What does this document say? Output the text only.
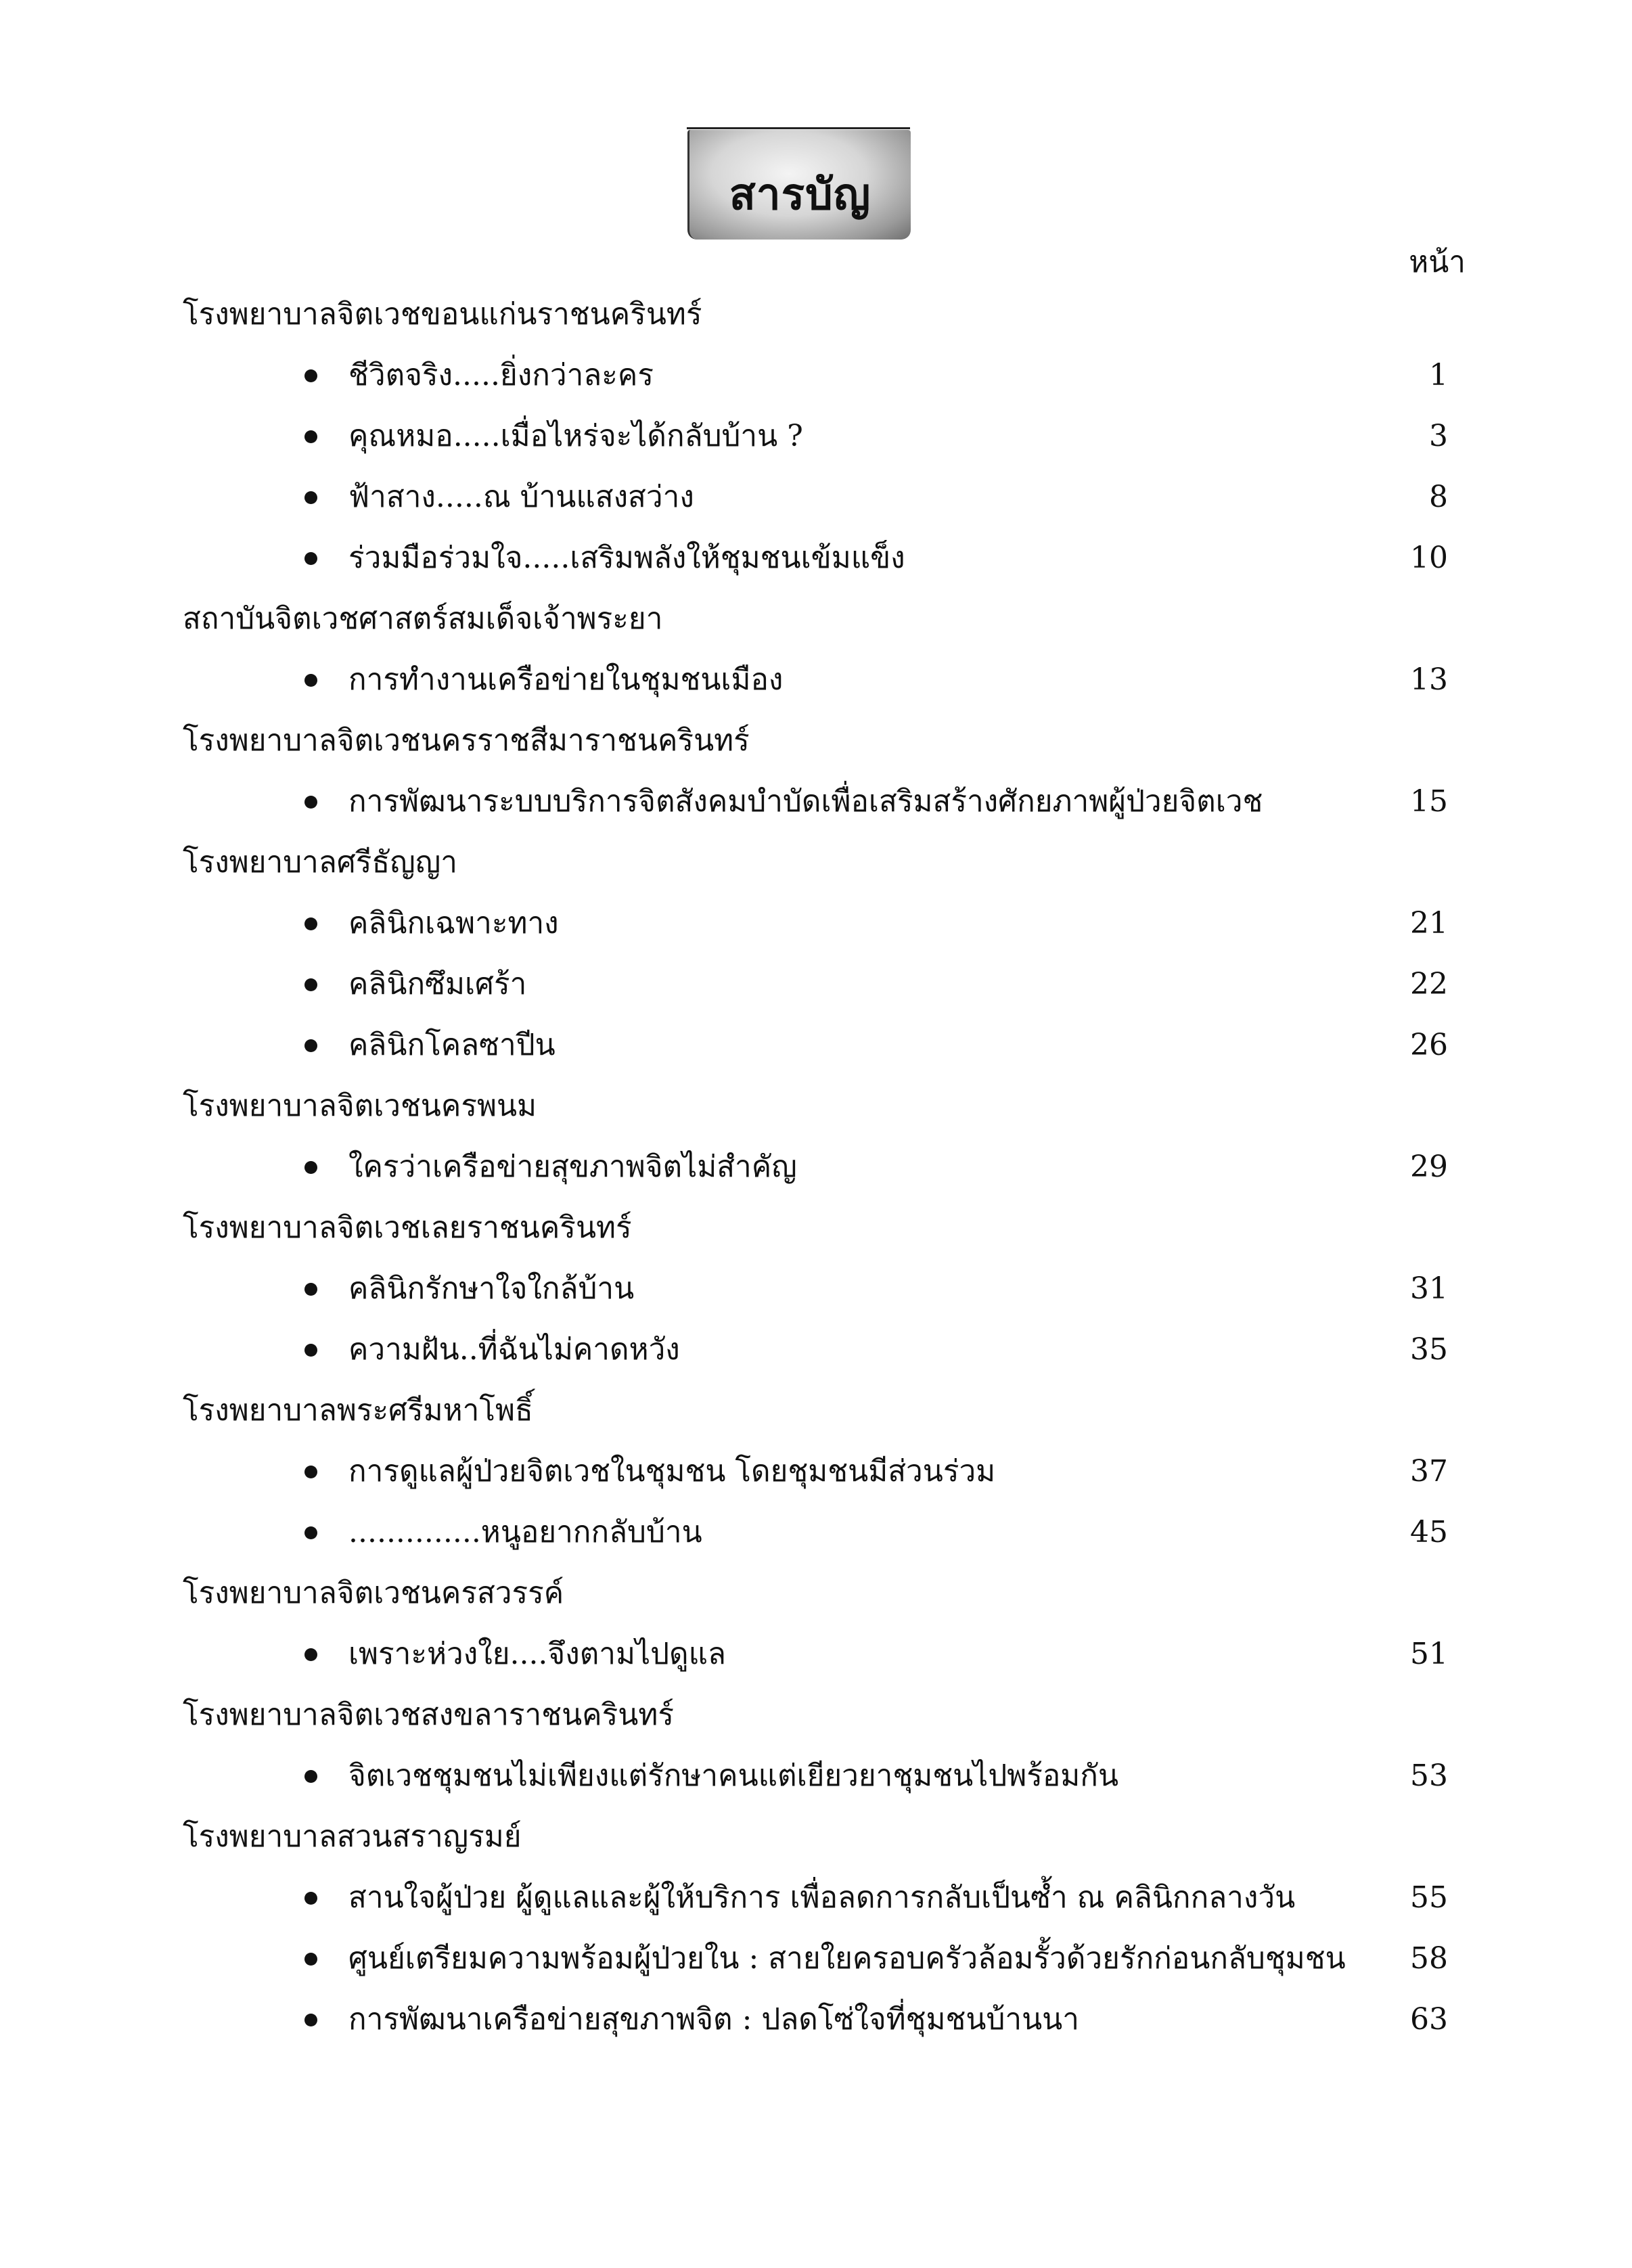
สารบัญ
หน้า
โรงพยาบาลจิตเวชขอนแก่นราชนครินทร์
ชีวิตจริง.....ยิ่งกว่าละคร	1
คุณหมอ.....เมื่อไหร่จะได้กลับบ้าน ?	3
ฟ้าสาง.....ณ บ้านแสงสว่าง	8
ร่วมมือร่วมใจ.....เสริมพลังให้ชุมชนเข้มแข็ง	10
สถาบันจิตเวชศาสตร์สมเด็จเจ้าพระยา
การทำงานเครือข่ายในชุมชนเมือง	13
โรงพยาบาลจิตเวชนครราชสีมาราชนครินทร์
การพัฒนาระบบบริการจิตสังคมบำบัดเพื่อเสริมสร้างศักยภาพผู้ป่วยจิตเวช	15
โรงพยาบาลศรีธัญญา
คลินิกเฉพาะทาง	21
คลินิกซึมเศร้า	22
คลินิกโคลซาปีน	26
โรงพยาบาลจิตเวชนครพนม
ใครว่าเครือข่ายสุขภาพจิตไม่สำคัญ	29
โรงพยาบาลจิตเวชเลยราชนครินทร์
คลินิกรักษาใจใกล้บ้าน	31
ความฝัน..ที่ฉันไม่คาดหวัง	35
โรงพยาบาลพระศรีมหาโพธิ์
การดูแลผู้ป่วยจิตเวชในชุมชน โดยชุมชนมีส่วนร่วม	37
..............หนูอยากกลับบ้าน	45
โรงพยาบาลจิตเวชนครสวรรค์
เพราะห่วงใย....จึงตามไปดูแล	51
โรงพยาบาลจิตเวชสงขลาราชนครินทร์
จิตเวชชุมชนไม่เพียงแต่รักษาคนแต่เยียวยาชุมชนไปพร้อมกัน	53
โรงพยาบาลสวนสราญรมย์
สานใจผู้ป่วย ผู้ดูแลและผู้ให้บริการ เพื่อลดการกลับเป็นซ้ำ ณ คลินิกกลางวัน	55
ศูนย์เตรียมความพร้อมผู้ป่วยใน : สายใยครอบครัวล้อมรั้วด้วยรักก่อนกลับชุมชน	58
การพัฒนาเครือข่ายสุขภาพจิต : ปลดโซ่ใจที่ชุมชนบ้านนา	63
